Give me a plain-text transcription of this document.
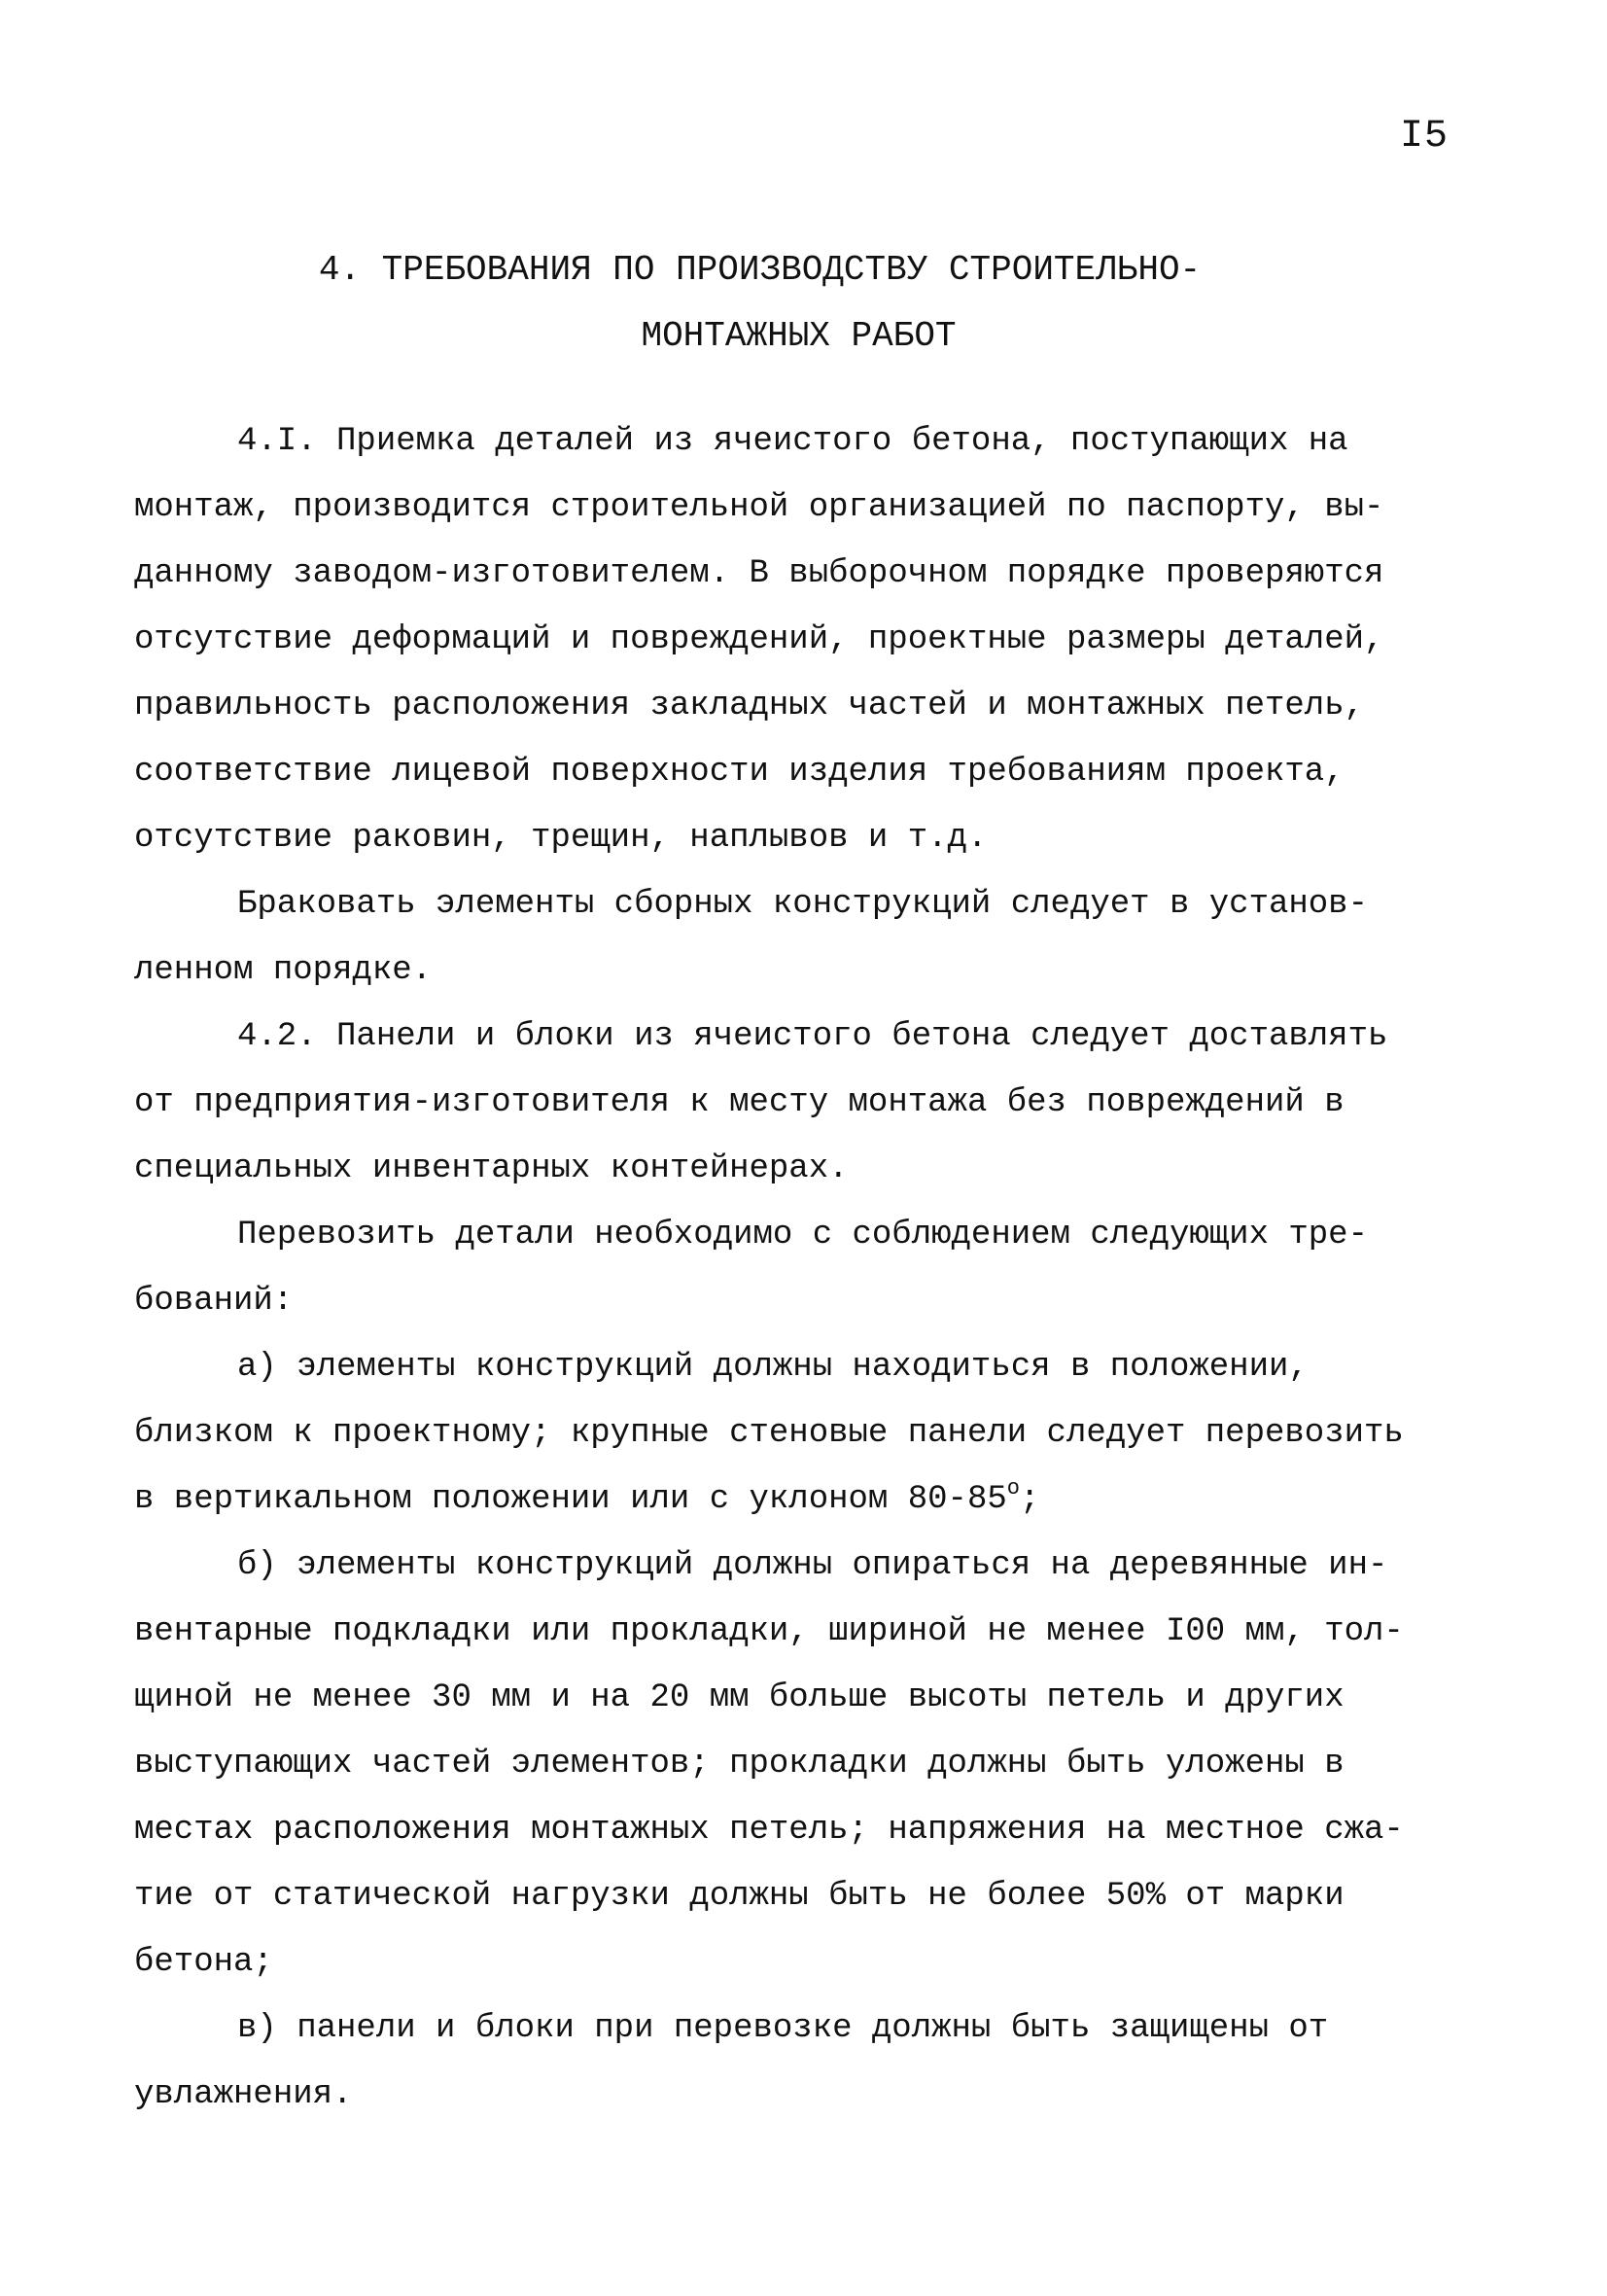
I5
4. ТРЕБОВАНИЯ ПО ПРОИЗВОДСТВУ СТРОИТЕЛЬНО-
МОНТАЖНЫХ РАБОТ
4.I. Приемка деталей из ячеистого бетона, поступающих на
монтаж, производится строительной организацией по паспорту, вы-
данному заводом-изготовителем. В выборочном порядке проверяются
отсутствие деформаций и повреждений, проектные размеры деталей,
правильность расположения закладных частей и монтажных петель,
соответствие лицевой поверхности изделия требованиям проекта,
отсутствие раковин, трещин, наплывов и т.д.
Браковать элементы сборных конструкций следует в установ-
ленном порядке.
4.2. Панели и блоки из ячеистого бетона следует доставлять
от предприятия-изготовителя к месту монтажа без повреждений в
специальных инвентарных контейнерах.
Перевозить детали необходимо с соблюдением следующих тре-
бований:
а) элементы конструкций должны находиться в положении,
близком к проектному; крупные стеновые панели следует перевозить
в вертикальном положении или с уклоном $80-85^о$;
б) элементы конструкций должны опираться на деревянные ин-
вентарные подкладки или прокладки, шириной не менее I00 мм, тол-
щиной не менее 30 мм и на 20 мм больше высоты петель и других
выступающих частей элементов; прокладки должны быть уложены в
местах расположения монтажных петель; напряжения на местное сжа-
тие от статической нагрузки должны быть не более 50% от марки
бетона;
в) панели и блоки при перевозке должны быть защищены от
увлажнения.
